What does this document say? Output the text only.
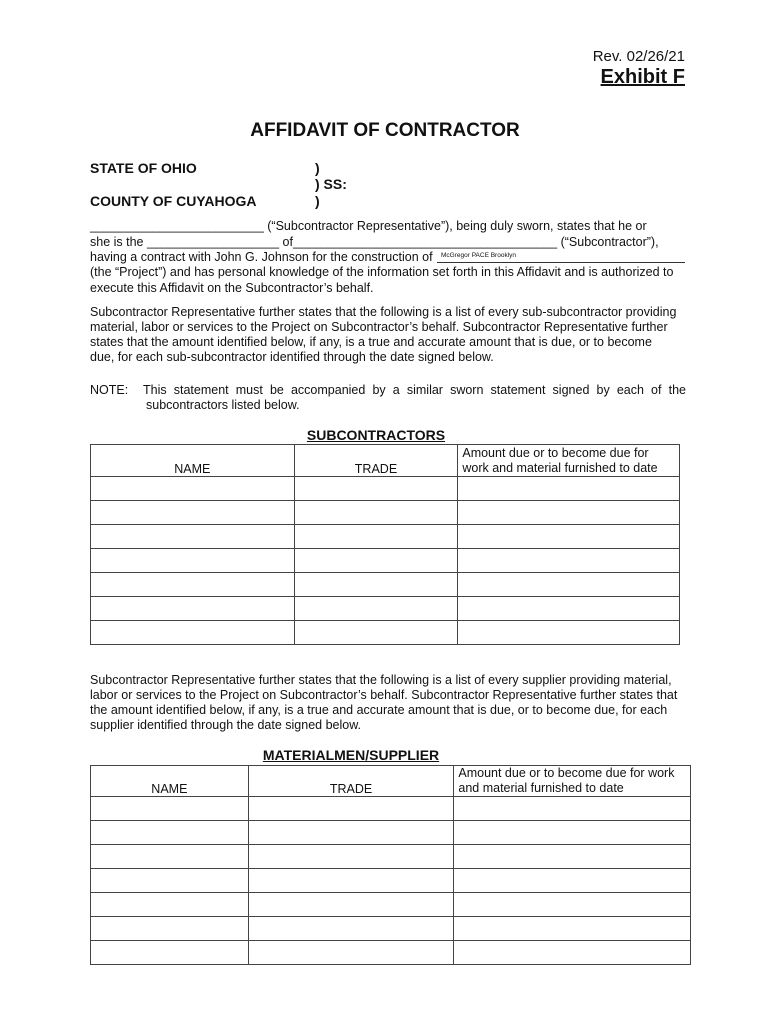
Rev. 02/26/21
Exhibit F
AFFIDAVIT OF CONTRACTOR
STATE OF OHIO
COUNTY OF CUYAHOGA
)
) SS:
)
_________________________ (“Subcontractor Representative”), being duly sworn, states that he or
she is the ___________________ of______________________________________ (“Subcontractor”),
having a contract with John G. Johnson for the construction of McGregor PACE Brooklyn
(the “Project”) and has personal knowledge of the information set forth in this Affidavit and is authorized to
execute this Affidavit on the Subcontractor’s behalf.
Subcontractor Representative further states that the following is a list of every sub-subcontractor providing
material, labor or services to the Project on Subcontractor’s behalf. Subcontractor Representative further
states that the amount identified below, if any, is a true and accurate amount that is due, or to become
due, for each sub-subcontractor identified through the date signed below.
NOTE: This statement must be accompanied by a similar sworn statement signed by each of the
subcontractors listed below.
SUBCONTRACTORS
NAME	TRADE	Amount due or to become due for
work and material furnished to date

Subcontractor Representative further states that the following is a list of every supplier providing material,
labor or services to the Project on Subcontractor’s behalf. Subcontractor Representative further states that
the amount identified below, if any, is a true and accurate amount that is due, or to become due, for each
supplier identified through the date signed below.
MATERIALMEN/SUPPLIER
NAME	TRADE	Amount due or to become due for work
and material furnished to date
